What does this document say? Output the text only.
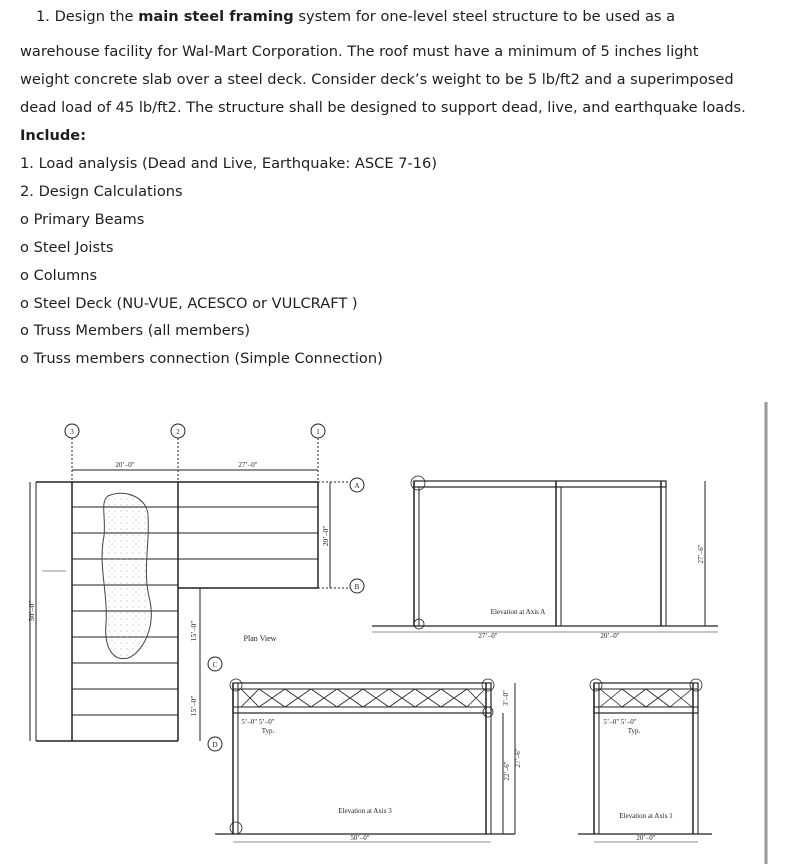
1. Design the main steel framing system for one-level steel structure to be used as a
warehouse facility for Wal-Mart Corporation. The roof must have a minimum of 5 inches light
weight concrete slab over a steel deck. Consider deck’s weight to be 5 lb/ft2 and a superimposed
dead load of 45 lb/ft2. The structure shall be designed to support dead, live, and earthquake loads.
Include:
1. Load analysis (Dead and Live, Earthquake: ASCE 7-16)
2. Design Calculations
o Primary Beams
o Steel Joists
o Columns
o Steel Deck (NU-VUE, ACESCO or VULCRAFT )
o Truss Members (all members)
o Truss members connection (Simple Connection)
3	2	1
20’–0"	27’–0"
50’–0"
A
B
20’–0"
C
D
15’–0"
15’–0"
Plan View	27’–0"	20’–0"
Elevation at Axis A
27’–6"
50’–0"
Elevation at Axis 3
5’–0" 5’–0"
Typ.
22’–6"
27’–6"
3’–0"
20’–0"
Elevation at Axis 1
5’–0" 5’–0"
Typ.
